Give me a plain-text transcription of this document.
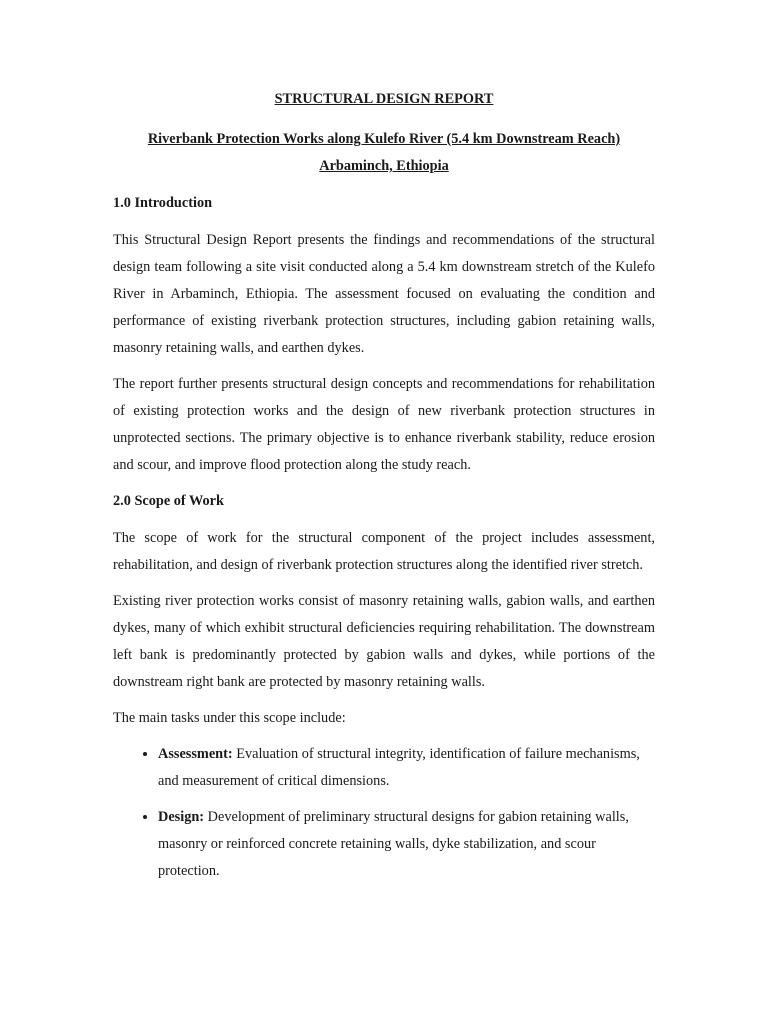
STRUCTURAL DESIGN REPORT
Riverbank Protection Works along Kulefo River (5.4 km Downstream Reach)
Arbaminch, Ethiopia
1.0 Introduction

This Structural Design Report presents the findings and recommendations of the structural design team following a site visit conducted along a 5.4 km downstream stretch of the Kulefo River in Arbaminch, Ethiopia. The assessment focused on evaluating the condition and performance of existing riverbank protection structures, including gabion retaining walls, masonry retaining walls, and earthen dykes.

The report further presents structural design concepts and recommendations for rehabilitation of existing protection works and the design of new riverbank protection structures in unprotected sections. The primary objective is to enhance riverbank stability, reduce erosion and scour, and improve flood protection along the study reach.

2.0 Scope of Work

The scope of work for the structural component of the project includes assessment, rehabilitation, and design of riverbank protection structures along the identified river stretch.

Existing river protection works consist of masonry retaining walls, gabion walls, and earthen dykes, many of which exhibit structural deficiencies requiring rehabilitation. The downstream left bank is predominantly protected by gabion walls and dykes, while portions of the downstream right bank are protected by masonry retaining walls.

The main tasks under this scope include:

• Assessment: Evaluation of structural integrity, identification of failure mechanisms, and measurement of critical dimensions.
• Design: Development of preliminary structural designs for gabion retaining walls, masonry or reinforced concrete retaining walls, dyke stabilization, and scour protection.
